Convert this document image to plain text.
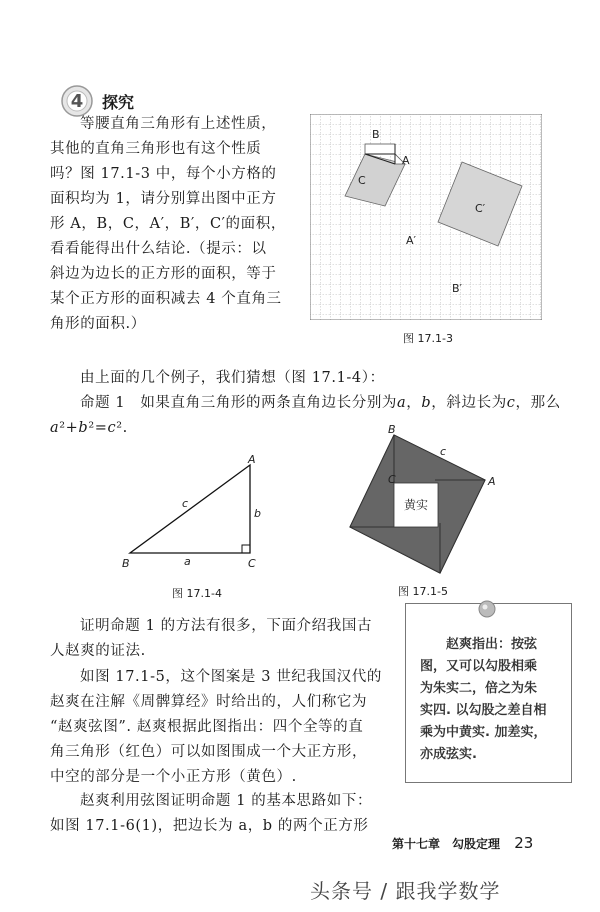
4 探究
等腰直角三角形有上述性质，
其他的直角三角形也有这个性质
吗？图 17.1-3 中，每个小方格的
面积均为 1，请分别算出图中正方
形 A，B，C，A′，B′，C′的面积，
看看能得出什么结论.（提示：以
斜边为边长的正方形的面积，等于
某个正方形的面积减去 4 个直角三
角形的面积.）
B
A
C
C′
A′
B′
图 17.1-3
由上面的几个例子，我们猜想（图 17.1-4）：
命题 1　如果直角三角形的两条直角边长分别为a，b，斜边长为c，那么
a²+b²=c².
A
B	C
a
b
c
图 17.1-4
黄实
B
A
C
c
图 17.1-5
证明命题 1 的方法有很多，下面介绍我国古
人赵爽的证法.
如图 17.1-5，这个图案是 3 世纪我国汉代的
赵爽在注解《周髀算经》时给出的，人们称它为
“赵爽弦图”. 赵爽根据此图指出：四个全等的直
角三角形（红色）可以如图围成一个大正方形，
中空的部分是一个小正方形（黄色）.
赵爽利用弦图证明命题 1 的基本思路如下：
如图 17.1-6(1)，把边长为 a，b 的两个正方形
赵爽指出：按弦
图，又可以勾股相乘
为朱实二，倍之为朱
实四. 以勾股之差自相
乘为中黄实. 加差实，
亦成弦实.
第十七章　勾股定理 23
头条号 / 跟我学数学
